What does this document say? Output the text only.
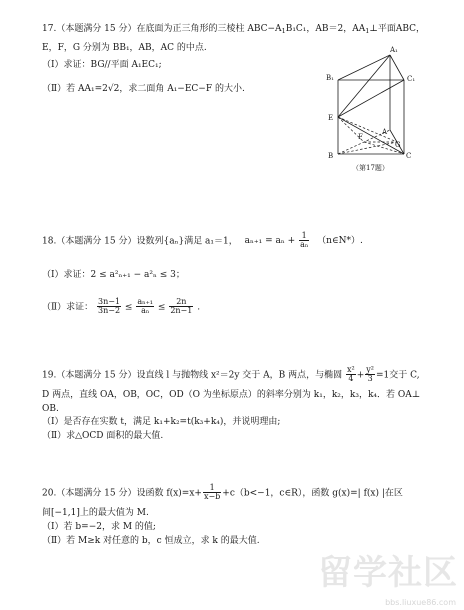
17.（本题满分 15 分）在底面为正三角形的三棱柱 $ABC-A_1B_1C_1$，AB＝2，$AA_1\perp$平面ABC，
E，F，G 分别为 BB₁，AB，AC 的中点.
（Ⅰ）求证：BG//平面 A₁EC₁;
（Ⅱ）若 AA₁=2√2，求二面角 A₁−EC−F 的大小.
A₁
B₁	C₁
E
F
A
G
B	C
（第17题）
18.（本题满分 15 分）设数列{aₙ}满足 a₁＝1， $a_{n+1} = a_n + \frac{1}{\text{aₙ}}$ （n∈N*）.
（Ⅰ）求证：2 ≤ a²ₙ₊₁ − a²ₙ ≤ 3；
（Ⅱ）求证： $\frac{3n-1}{3n-2} \le \frac{\text{aₙ₊₁}}{\text{aₙ}} \le \frac{2n}{2n-1}$ .
19.（本题满分 15 分）设直线 l 与抛物线 x²＝2y 交于 A，B 两点，与椭圆 $\frac{\text{x²}}{4} + \frac{\text{y²}}{3} =1$交于 C,
D 两点，直线 OA，OB，OC，OD（O 为坐标原点）的斜率分别为 k₁，k₂，k₃，k₄．若 OA⊥
OB.
（Ⅰ）是否存在实数 t，满足 k₁+k₂=t(k₃+k₄)，并说明理由;
（Ⅱ）求△OCD 面积的最大值.
20.（本题满分 15 分）设函数 $f(x)=x+ \frac{1}{x-b} +c(b<-1$，c∈R），函数 g(x)=| f(x) |在区
间[−1,1]上的最大值为 M.
（Ⅰ）若 b=−2，求 M 的值;
（Ⅱ）若 M≥k 对任意的 b，c 恒成立，求 k 的最大值.
留学社区
bbs.liuxue86.com
